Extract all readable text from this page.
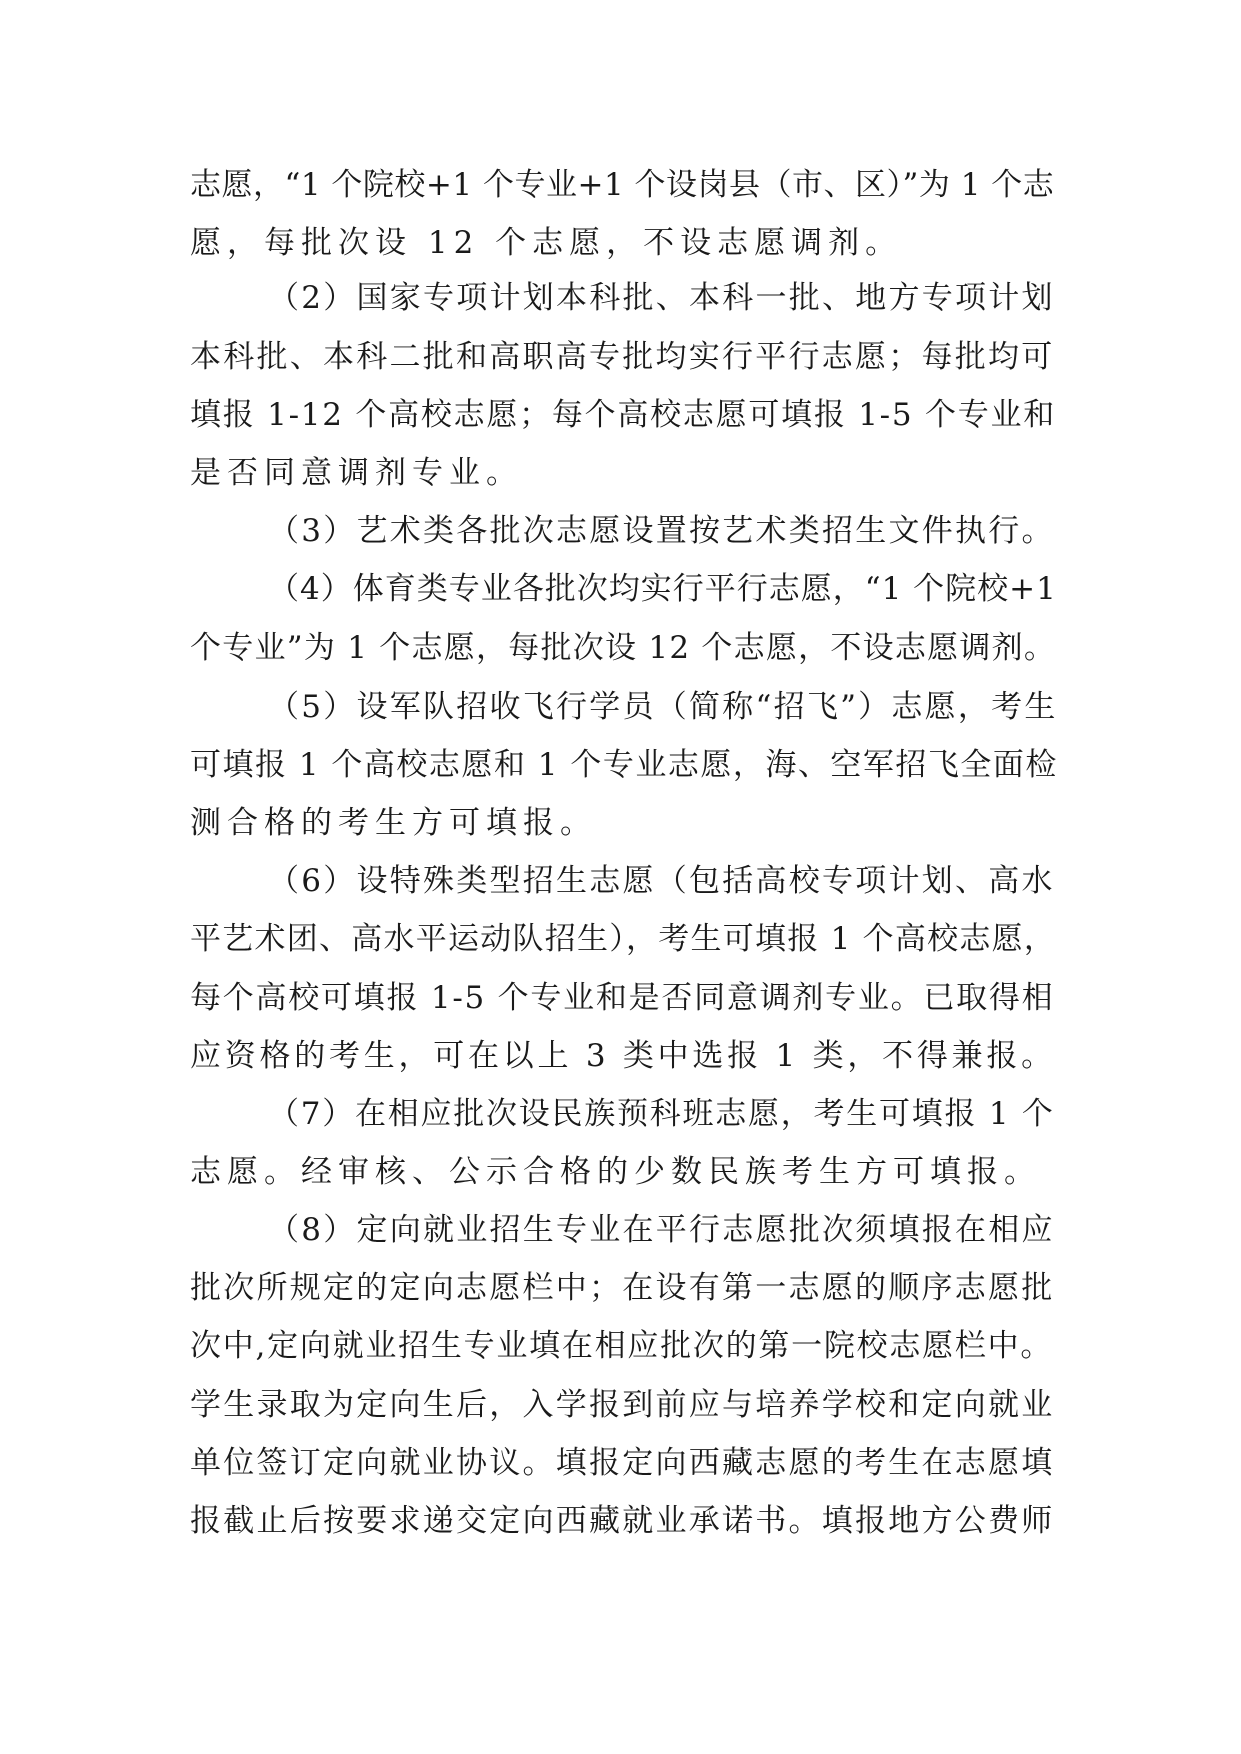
志愿，“1 个院校+1 个专业+1 个设岗县（市、区）”为 1 个志
愿，每批次设 12 个志愿，不设志愿调剂。
（2）国家专项计划本科批、本科一批、地方专项计划
本科批、本科二批和高职高专批均实行平行志愿；每批均可
填报 1-12 个高校志愿；每个高校志愿可填报 1-5 个专业和
是否同意调剂专业。
（3）艺术类各批次志愿设置按艺术类招生文件执行。
（4）体育类专业各批次均实行平行志愿，“1 个院校+1
个专业”为 1 个志愿，每批次设 12 个志愿，不设志愿调剂。
（5）设军队招收飞行学员（简称“招飞”）志愿，考生
可填报 1 个高校志愿和 1 个专业志愿，海、空军招飞全面检
测合格的考生方可填报。
（6）设特殊类型招生志愿（包括高校专项计划、高水
平艺术团、高水平运动队招生），考生可填报 1 个高校志愿，
每个高校可填报 1-5 个专业和是否同意调剂专业。已取得相
应资格的考生，可在以上 3 类中选报 1 类，不得兼报。
（7）在相应批次设民族预科班志愿，考生可填报 1 个
志愿。经审核、公示合格的少数民族考生方可填报。
（8）定向就业招生专业在平行志愿批次须填报在相应
批次所规定的定向志愿栏中；在设有第一志愿的顺序志愿批
次中,定向就业招生专业填在相应批次的第一院校志愿栏中。
学生录取为定向生后，入学报到前应与培养学校和定向就业
单位签订定向就业协议。填报定向西藏志愿的考生在志愿填
报截止后按要求递交定向西藏就业承诺书。填报地方公费师
